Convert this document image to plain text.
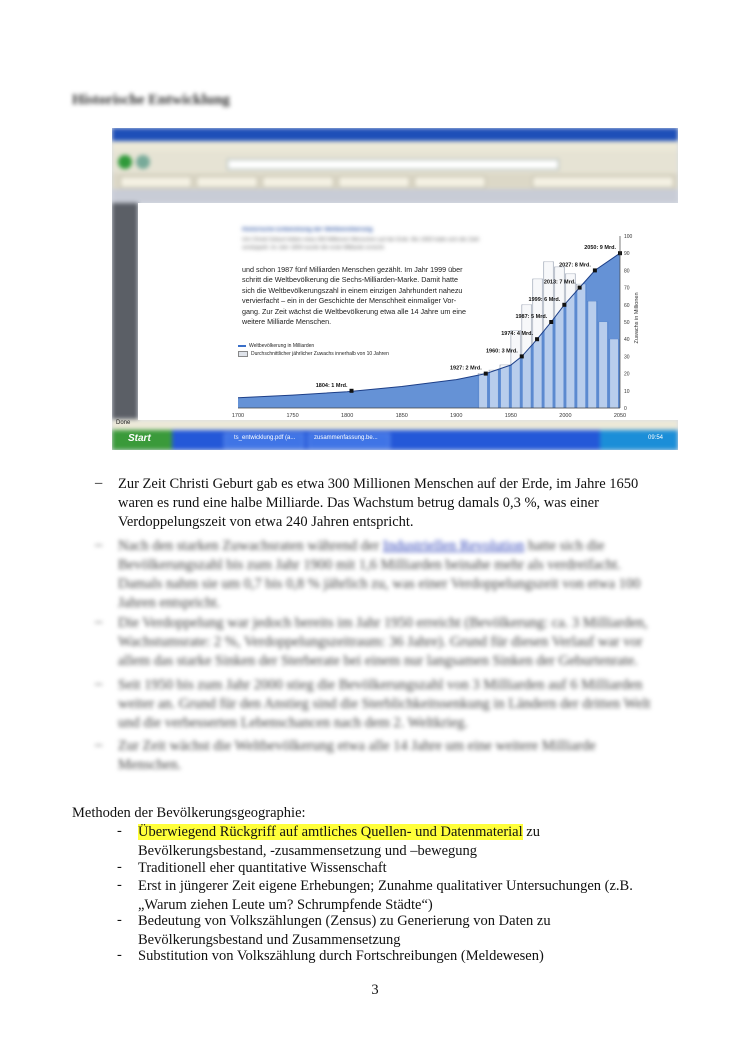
Historische Entwicklung
Historische Entwicklung der Weltbevölkerung
Um Christi Geburt lebten etwa 300 Millionen Menschen auf der Erde. Bis 1650 hatte sich die Zahl verdoppelt. Im Jahr 1804 wurde die erste Milliarde erreicht
und schon 1987 fünf Milliarden Menschen gezählt. Im Jahr 1999 über
schritt die Weltbevölkerung die Sechs-Milliarden-Marke. Damit hatte
sich die Weltbevölkerungszahl in einem einzigen Jahrhundert nahezu
vervierfacht – ein in der Geschichte der Menschheit einmaliger Vor-
gang. Zur Zeit wächst die Weltbevölkerung etwa alle 14 Jahre um eine
weitere Milliarde Menschen.
Weltbevölkerung in Milliarden
Durchschnittlicher jährlicher Zuwachs innerhalb von 10 Jahren
1804: 1 Mrd.
1927: 2 Mrd.
1960: 3 Mrd.
1974: 4 Mrd.
1987: 5 Mrd.
1999: 6 Mrd.
2013: 7 Mrd.
2027: 8 Mrd.
2050: 9 Mrd.
1700	1750	1800	1850	1900	1950	2000	2050
0
10
20
30
40
50
60
70
80
90
100
Zuwachs in Millionen
Done
Start	ts_entwicklung.pdf (a...	zusammenfassung.be...	09:54
– Zur Zeit Christi Geburt gab es etwa 300 Millionen Menschen auf der Erde, im Jahre 1650
waren es rund eine halbe Milliarde. Das Wachstum betrug damals 0,3 %, was einer
Verdoppelungszeit von etwa 240 Jahren entspricht.
– Nach den starken Zuwachsraten während der Industriellen Revolution hatte sich die
Bevölkerungszahl bis zum Jahr 1900 mit 1,6 Milliarden beinahe mehr als verdreifacht.
Damals nahm sie um 0,7 bis 0,8 % jährlich zu, was einer Verdoppelungszeit von etwa 100
Jahren entspricht.
– Die Verdoppelung war jedoch bereits im Jahr 1950 erreicht (Bevölkerung: ca. 3 Milliarden,
Wachstumsrate: 2 %, Verdoppelungszeitraum: 36 Jahre). Grund für diesen Verlauf war vor
allem das starke Sinken der Sterberate bei einem nur langsamen Sinken der Geburtenrate.
– Seit 1950 bis zum Jahr 2000 stieg die Bevölkerungszahl von 3 Milliarden auf 6 Milliarden
weiter an. Grund für den Anstieg sind die Sterblichkeitssenkung in Ländern der dritten Welt
und die verbesserten Lebenschancen nach dem 2. Weltkrieg.
– Zur Zeit wächst die Weltbevölkerung etwa alle 14 Jahre um eine weitere Milliarde
Menschen.
Methoden der Bevölkerungsgeographie:
- Überwiegend Rückgriff auf amtliches Quellen- und Datenmaterial zu
Bevölkerungsbestand, -zusammensetzung und –bewegung
- Traditionell eher quantitative Wissenschaft
- Erst in jüngerer Zeit eigene Erhebungen; Zunahme qualitativer Untersuchungen (z.B.
„Warum ziehen Leute um? Schrumpfende Städte“)
- Bedeutung von Volkszählungen (Zensus) zu Generierung von Daten zu
Bevölkerungsbestand und Zusammensetzung
- Substitution von Volkszählung durch Fortschreibungen (Meldewesen)
3
